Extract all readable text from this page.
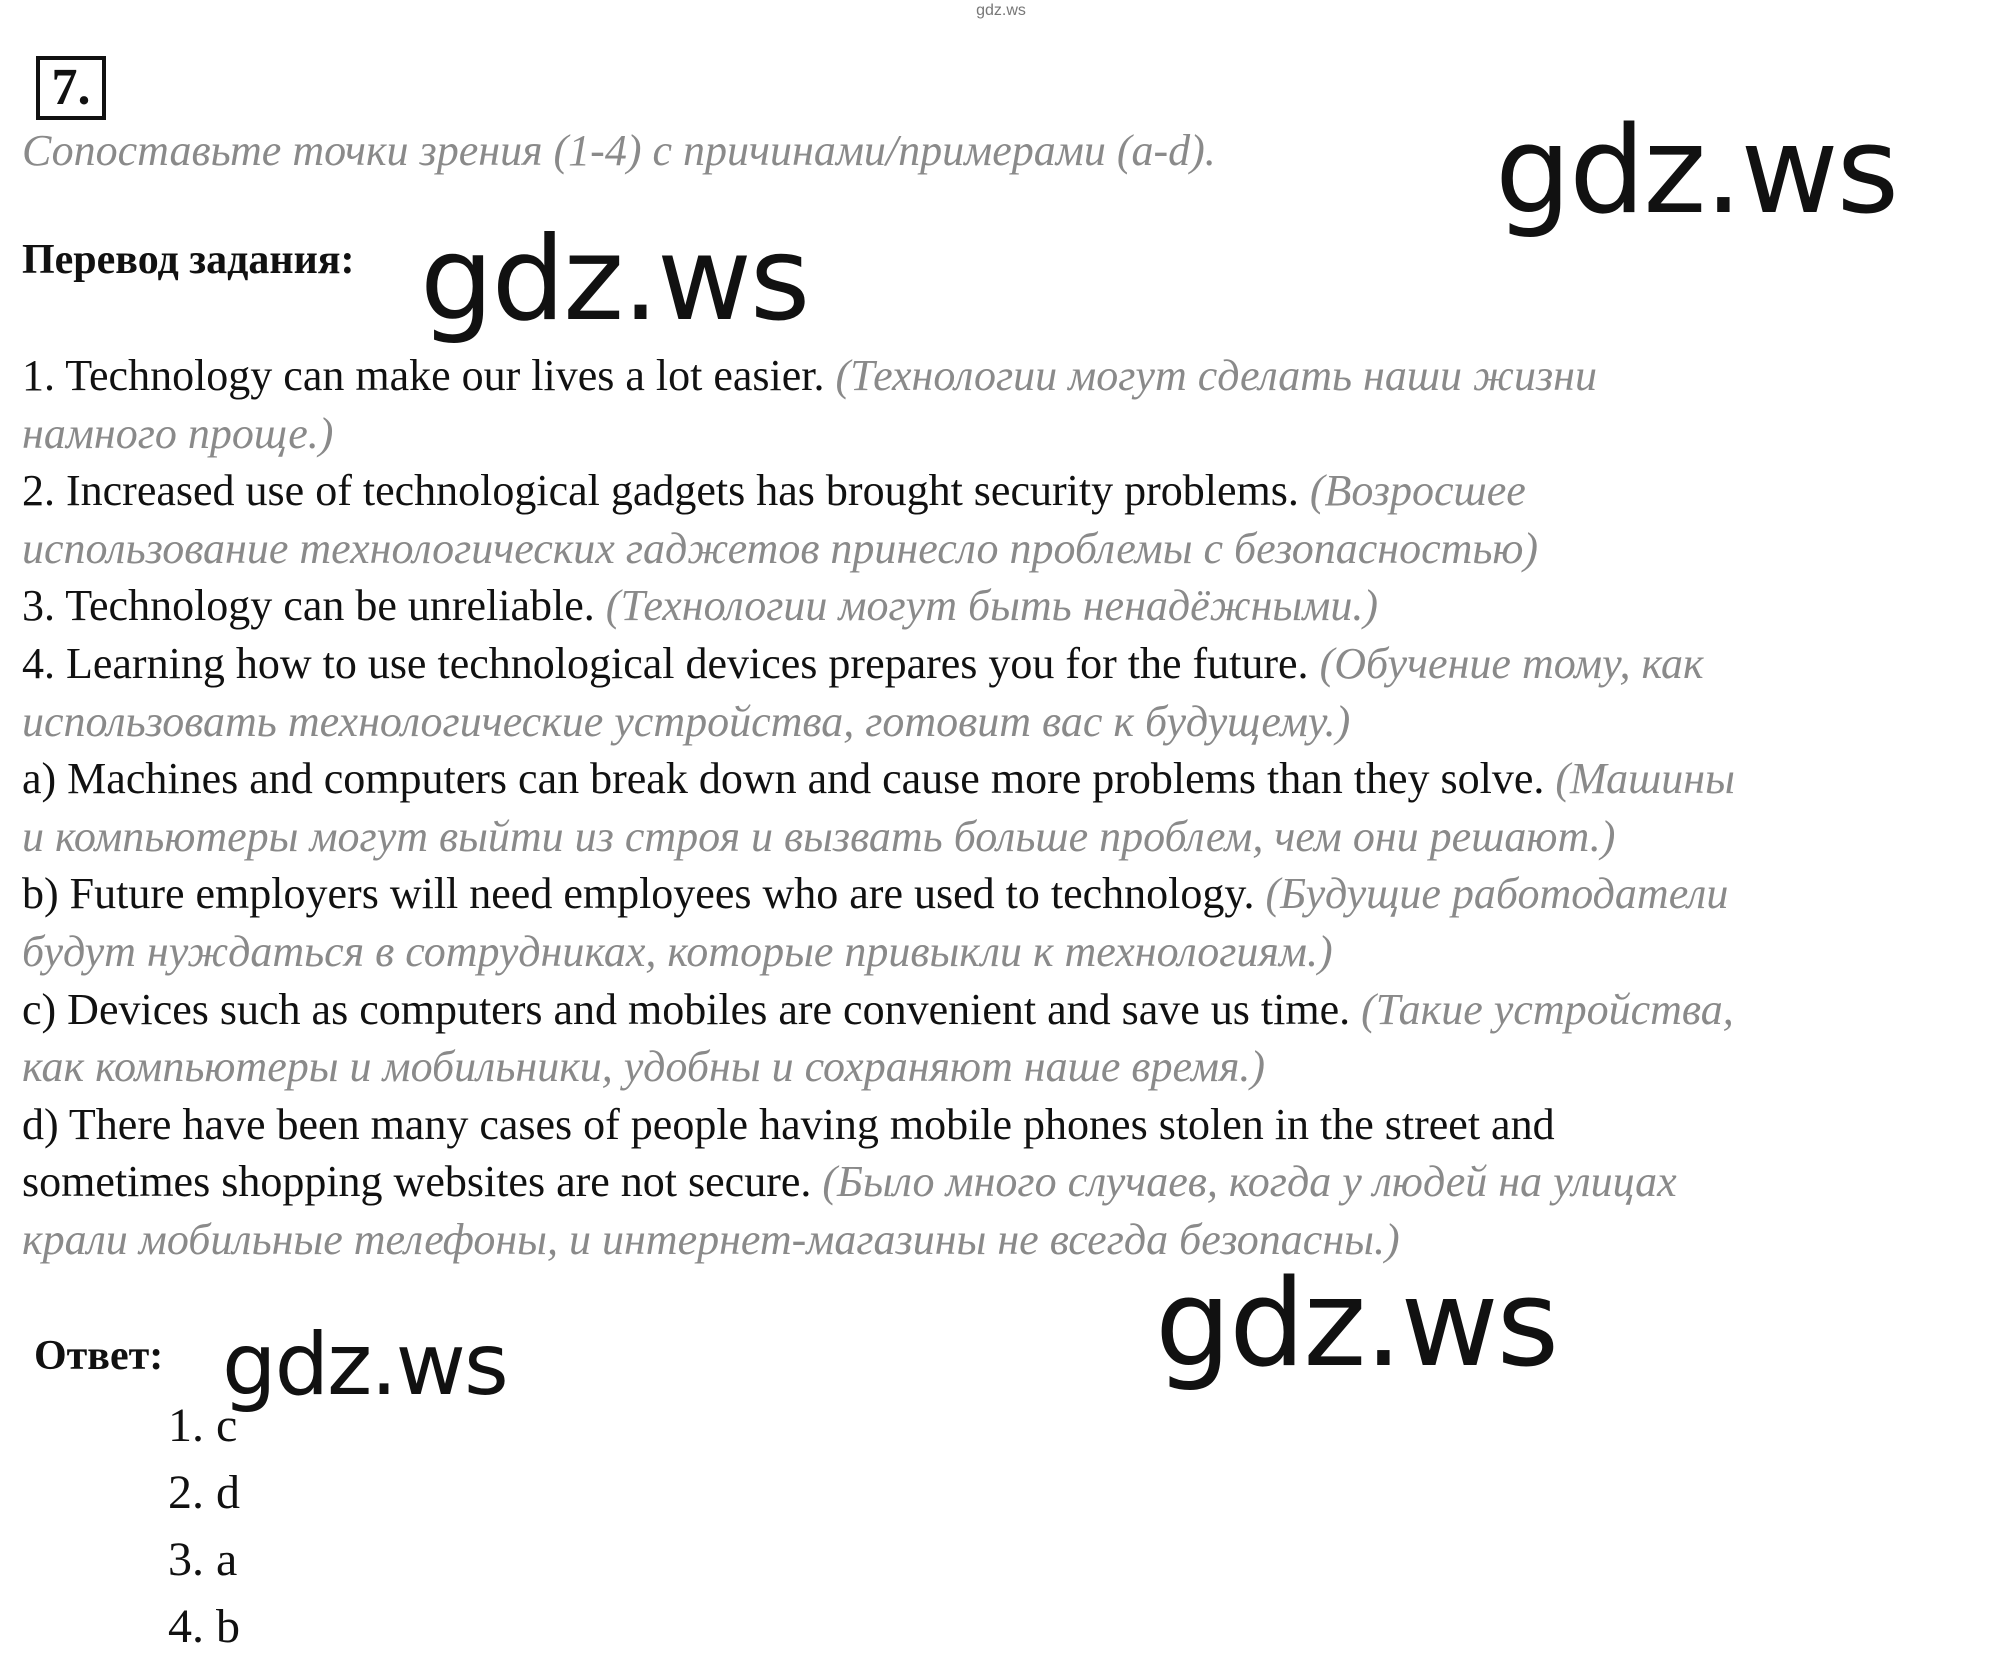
gdz.ws
7.
Сопоставьте точки зрения (1-4) с причинами/примерами (a-d).
Перевод задания:
gdz.ws
gdz.ws
1. Technology can make our lives a lot easier. (Технологии могут сделать наши жизни
намного проще.)
2. Increased use of technological gadgets has brought security problems. (Возросшее
использование технологических гаджетов принесло проблемы с безопасностью)
3. Technology can be unreliable. (Технологии могут быть ненадёжными.)
4. Learning how to use technological devices prepares you for the future. (Обучение тому, как
использовать технологические устройства, готовит вас к будущему.)
a) Machines and computers can break down and cause more problems than they solve. (Машины
и компьютеры могут выйти из строя и вызвать больше проблем, чем они решают.)
b) Future employers will need employees who are used to technology. (Будущие работодатели
будут нуждаться в сотрудниках, которые привыкли к технологиям.)
c) Devices such as computers and mobiles are convenient and save us time. (Такие устройства,
как компьютеры и мобильники, удобны и сохраняют наше время.)
d) There have been many cases of people having mobile phones stolen in the street and
sometimes shopping websites are not secure. (Было много случаев, когда у людей на улицах
крали мобильные телефоны, и интернет-магазины не всегда безопасны.)
gdz.ws
Ответ: gdz.ws
1. c
2. d
3. a
4. b
